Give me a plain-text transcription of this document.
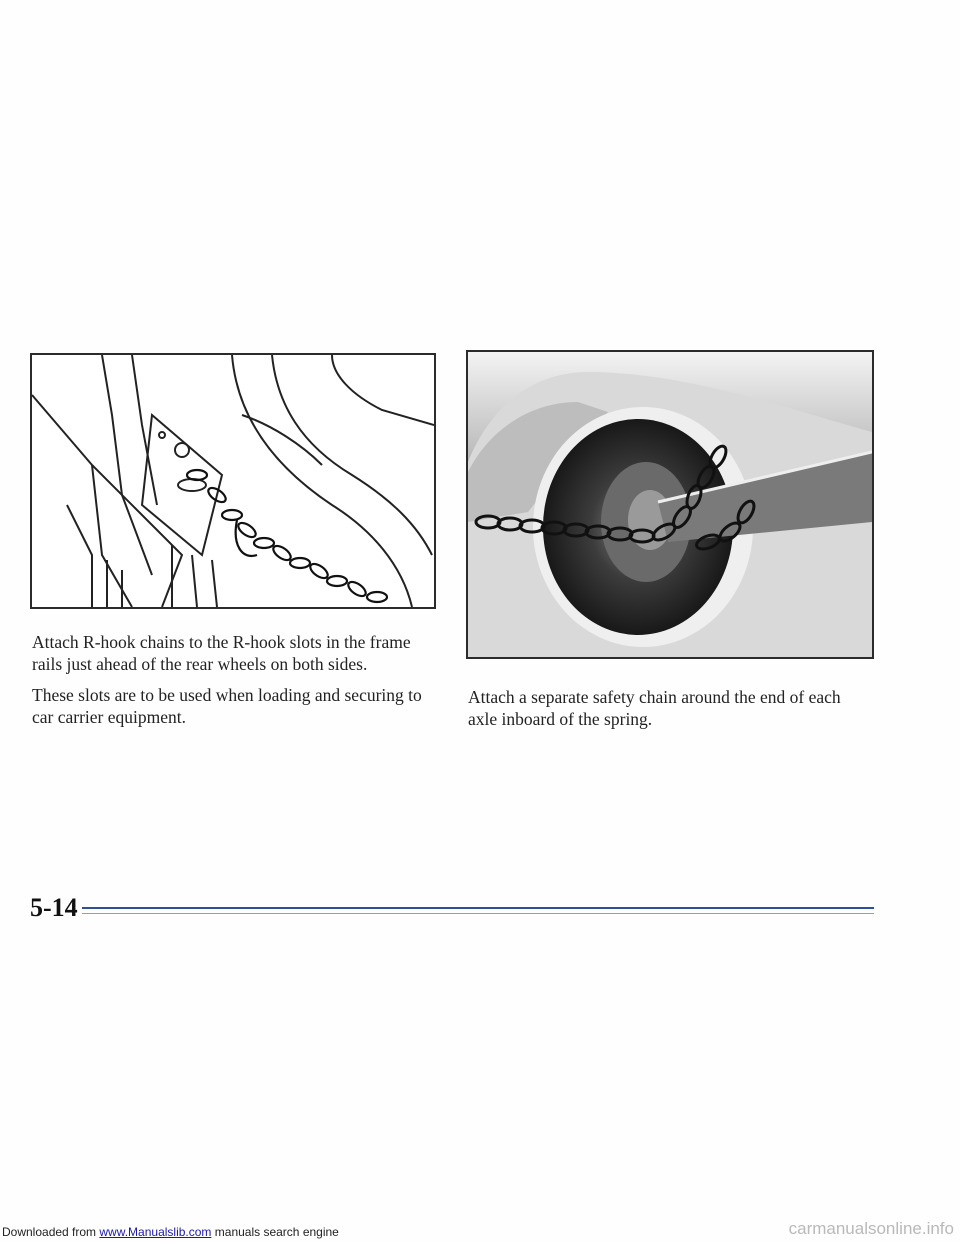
Attach R-hook chains to the R-hook slots in the frame rails just ahead of the rear wheels on both sides.

These slots are to be used when loading and securing to car carrier equipment.

Attach a separate safety chain around the end of each axle inboard of the spring.

5-14
Downloaded from www.Manualslib.com manuals search engine	carmanualsonline.info
